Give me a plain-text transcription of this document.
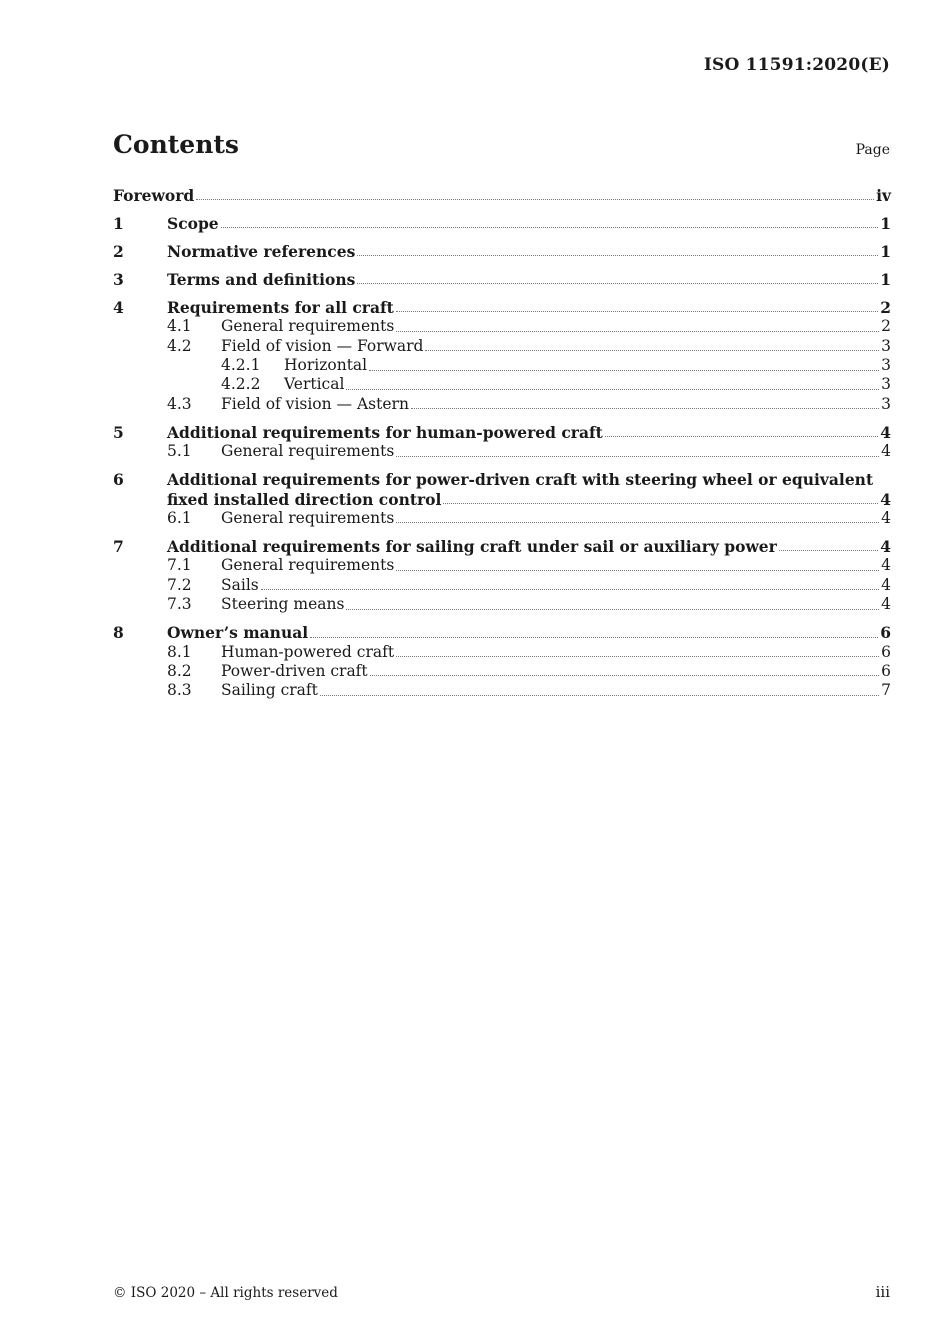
ISO 11591:2020(E)
Contents	Page
Foreword	iv
1	Scope	1
2	Normative references	1
3	Terms and definitions	1
4	Requirements for all craft	2
4.1	General requirements	2
4.2	Field of vision — Forward	3
4.2.1	Horizontal	3
4.2.2	Vertical	3
4.3	Field of vision — Astern	3
5	Additional requirements for human-powered craft	4
5.1	General requirements	4
6	Additional requirements for power-driven craft with steering wheel or equivalent
fixed installed direction control	4
6.1	General requirements	4
7	Additional requirements for sailing craft under sail or auxiliary power	4
7.1	General requirements	4
7.2	Sails	4
7.3	Steering means	4
8	Owner’s manual	6
8.1	Human-powered craft	6
8.2	Power-driven craft	6
8.3	Sailing craft	7
© ISO 2020 – All rights reserved	iii
